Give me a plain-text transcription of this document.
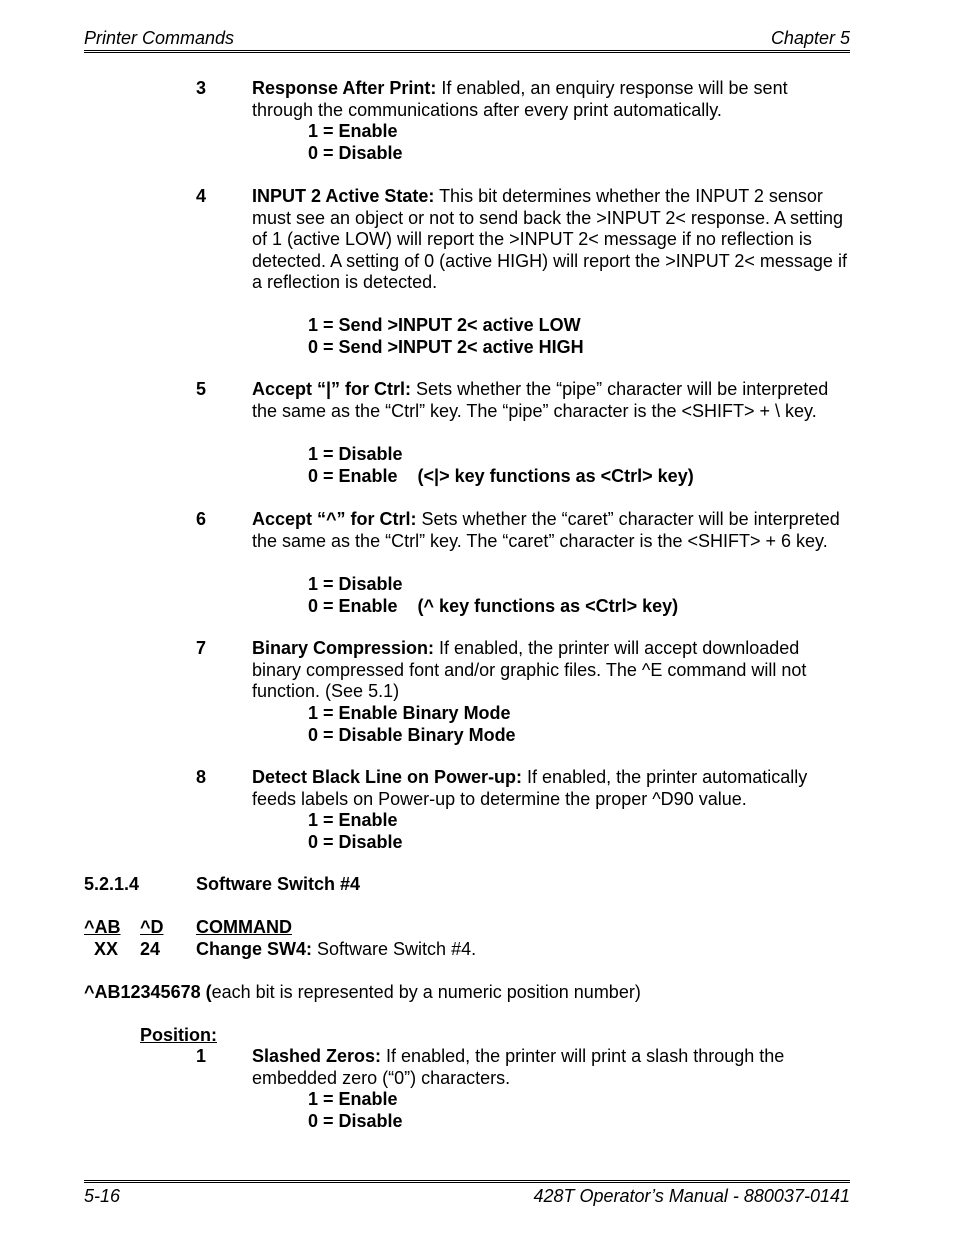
Printer Commands	Chapter 5
3	Response After Print: If enabled, an enquiry response will be sent through the communications after every print automatically.
1 = Enable
0 = Disable
4	INPUT 2 Active State: This bit determines whether the INPUT 2 sensor must see an object or not to send back the >INPUT 2< response. A setting of 1 (active LOW) will report the >INPUT 2< message if no reflection is detected. A setting of 0 (active HIGH) will report the >INPUT 2< message if a reflection is detected.
1 = Send >INPUT 2< active LOW
0 = Send >INPUT 2< active HIGH
5	Accept “|” for Ctrl: Sets whether the “pipe” character will be interpreted the same as the “Ctrl” key. The “pipe” character is the <SHIFT> + \ key.
1 = Disable
0 = Enable    (<|> key functions as <Ctrl> key)
6	Accept “^” for Ctrl: Sets whether the “caret” character will be interpreted the same as the “Ctrl” key. The “caret” character is the <SHIFT> + 6 key.
1 = Disable
0 = Enable    (^ key functions as <Ctrl> key)
7	Binary Compression: If enabled, the printer will accept downloaded binary compressed font and/or graphic files. The ^E command will not function. (See 5.1)
1 = Enable Binary Mode
0 = Disable Binary Mode
8	Detect Black Line on Power-up: If enabled, the printer automatically feeds labels on Power-up to determine the proper ^D90 value.
1 = Enable
0 = Disable
5.2.1.4	Software Switch #4
^AB ^D COMMAND
XX 24 Change SW4: Software Switch #4.
^AB12345678 (each bit is represented by a numeric position number)
Position:
1	Slashed Zeros: If enabled, the printer will print a slash through the embedded zero (“0”) characters.
1 = Enable
0 = Disable
5-16	428T Operator’s Manual - 880037-0141
